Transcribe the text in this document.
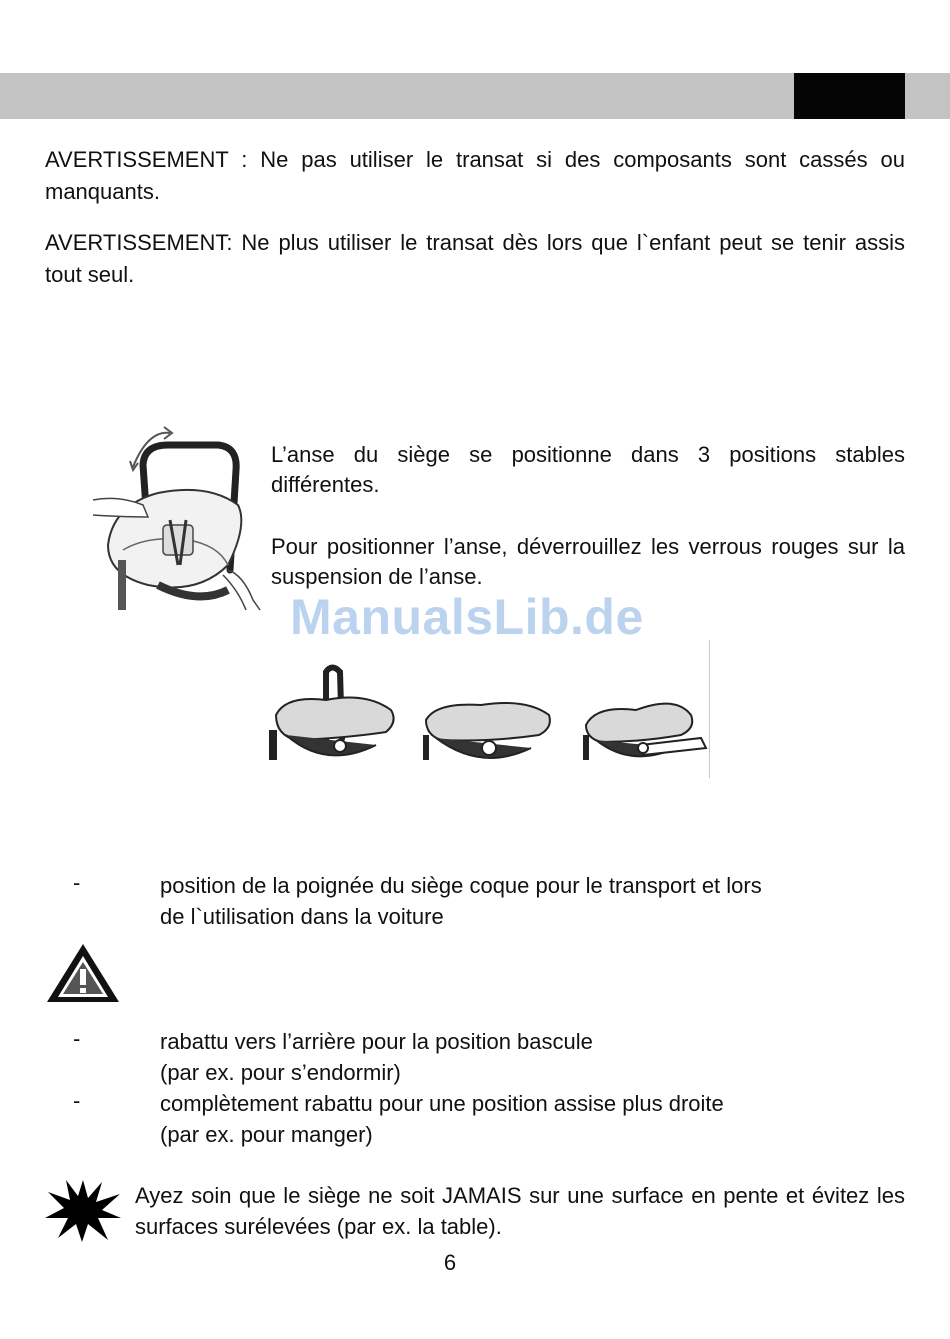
AVERTISSEMENT : Ne pas utiliser le transat si des composants sont cassés ou manquants.

AVERTISSEMENT: Ne plus utiliser le transat dès lors que l`enfant peut se tenir assis tout seul.

L’anse du siège se positionne dans 3 positions stables différentes.

Pour positionner l’anse, déverrouillez les verrous rouges sur la suspension de l’anse.

ManualsLib.de
-	position de la poignée du siège coque pour le transport et lors
de l`utilisation dans la voiture
-	rabattu vers l’arrière pour la position bascule
(par ex. pour s’endormir)
-	complètement rabattu pour une position assise plus droite
(par ex. pour manger)

Ayez soin que le siège ne soit JAMAIS sur une surface en pente et évitez les surfaces surélevées (par ex. la table).

6
